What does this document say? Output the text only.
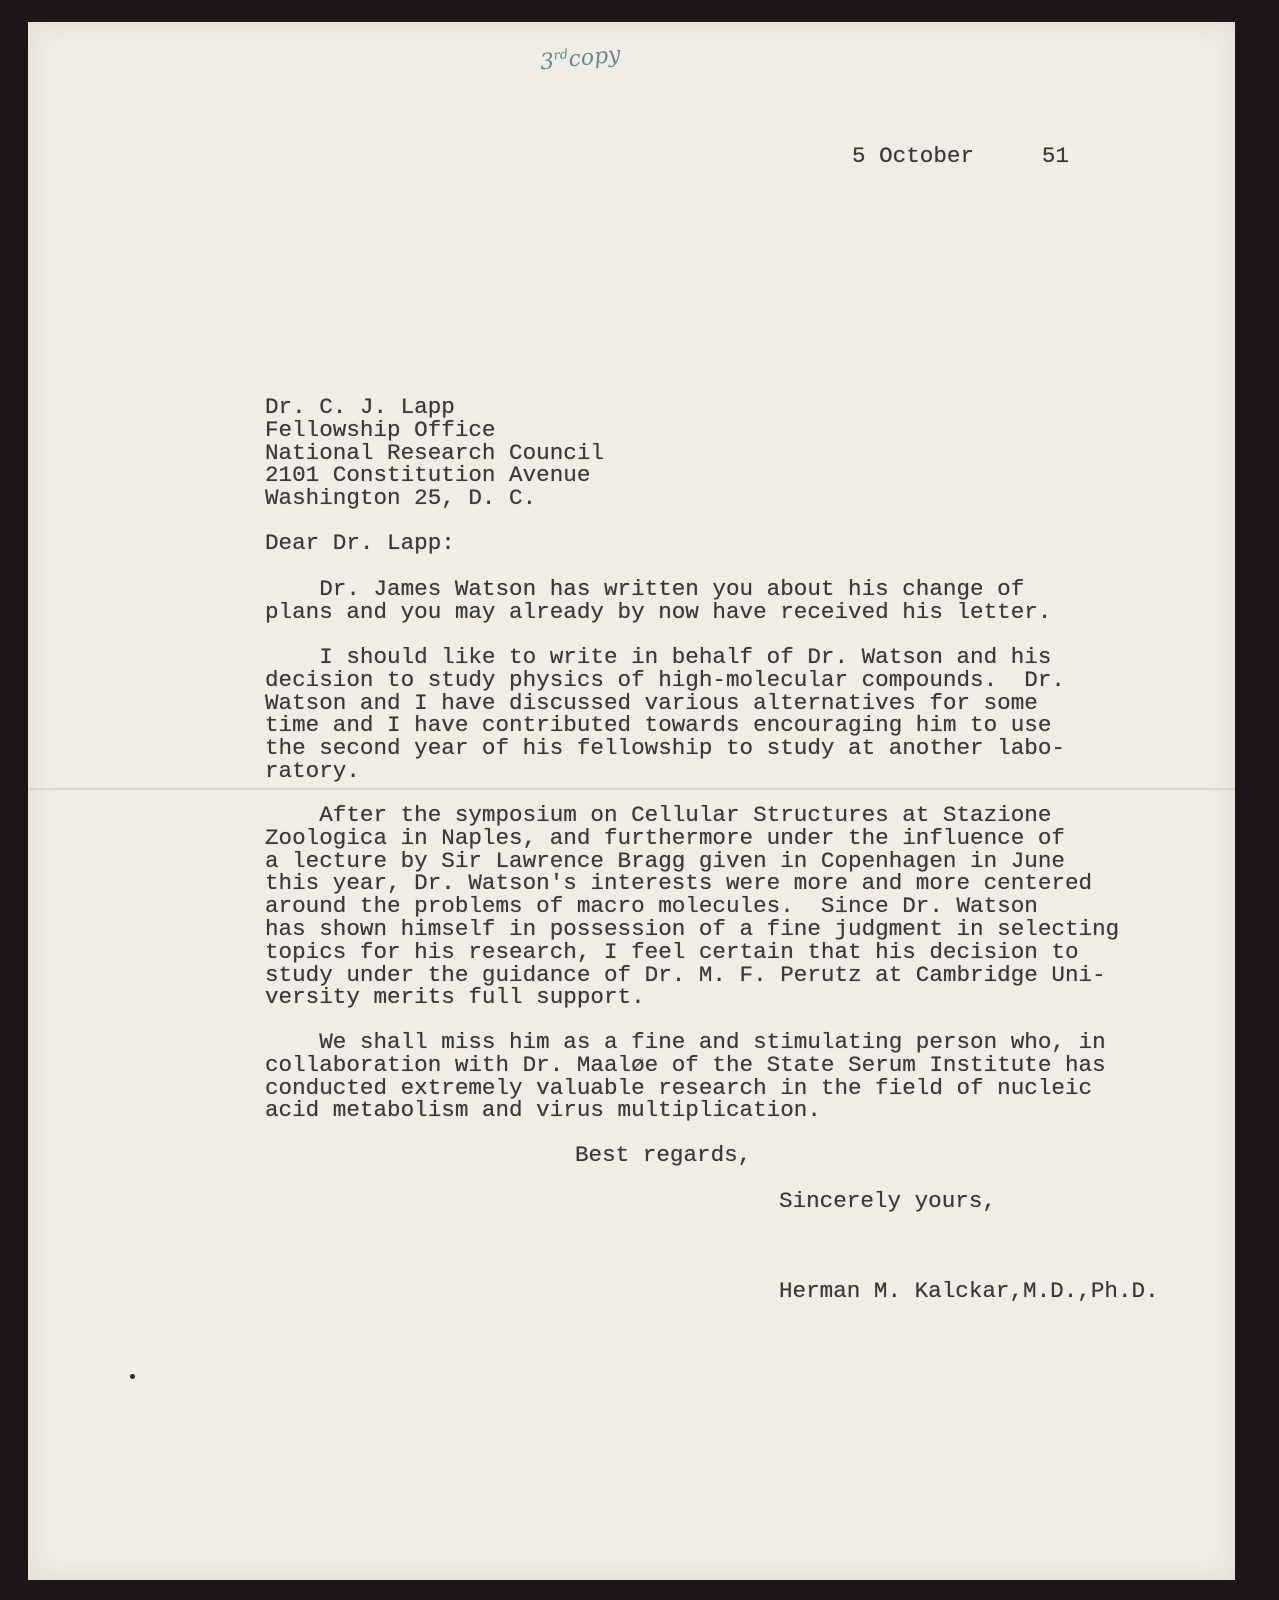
3rdcopy
5 October     51
Dr. C. J. Lapp
Fellowship Office
National Research Council
2101 Constitution Avenue
Washington 25, D. C.
Dear Dr. Lapp:
Dr. James Watson has written you about his change of
plans and you may already by now have received his letter.
I should like to write in behalf of Dr. Watson and his
decision to study physics of high-molecular compounds.  Dr.
Watson and I have discussed various alternatives for some
time and I have contributed towards encouraging him to use
the second year of his fellowship to study at another labo-
ratory.
After the symposium on Cellular Structures at Stazione
Zoologica in Naples, and furthermore under the influence of
a lecture by Sir Lawrence Bragg given in Copenhagen in June
this year, Dr. Watson's interests were more and more centered
around the problems of macro molecules.  Since Dr. Watson
has shown himself in possession of a fine judgment in selecting
topics for his research, I feel certain that his decision to
study under the guidance of Dr. M. F. Perutz at Cambridge Uni-
versity merits full support.
We shall miss him as a fine and stimulating person who, in
collaboration with Dr. Maaløe of the State Serum Institute has
conducted extremely valuable research in the field of nucleic
acid metabolism and virus multiplication.
Best regards,
Sincerely yours,
Herman M. Kalckar,M.D.,Ph.D.
